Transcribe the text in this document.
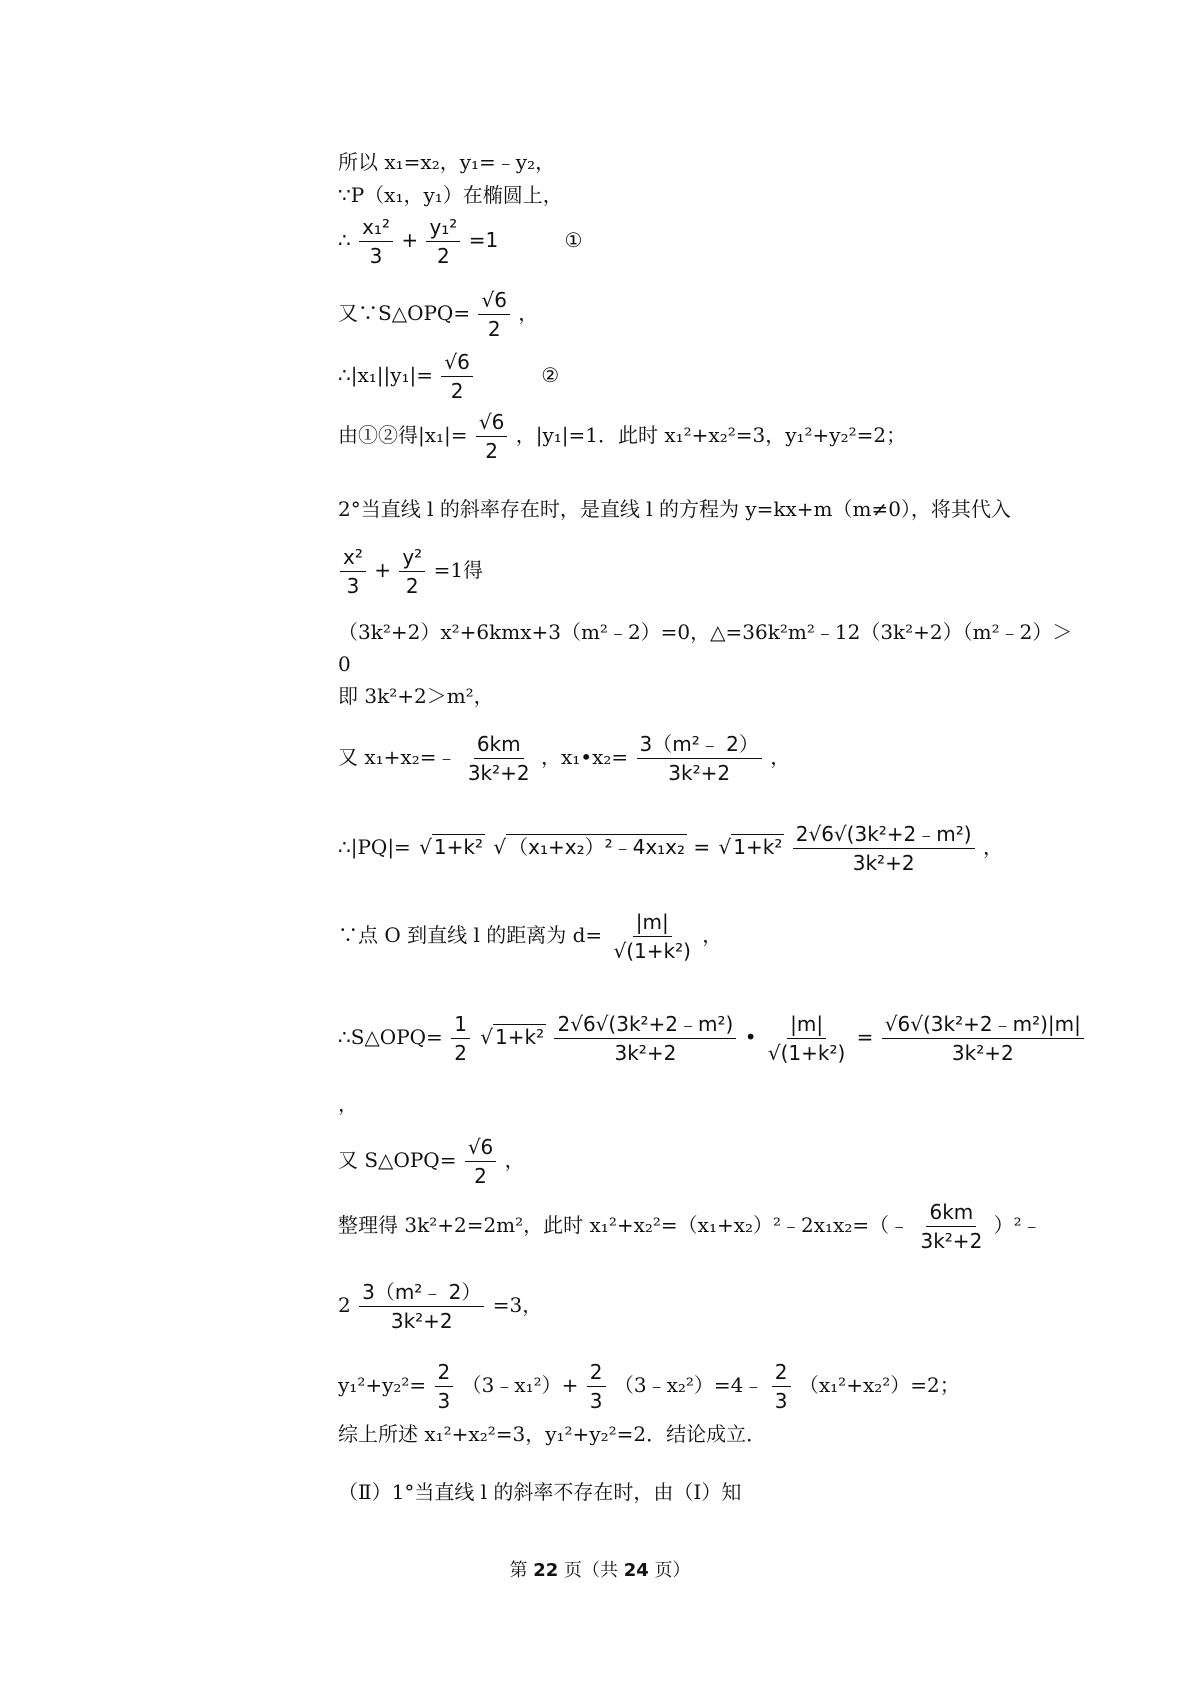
所以 x₁=x₂，y₁=﹣y₂，
∵P（x₁，y₁）在椭圆上，
∴ $\frac{\text{x₁²}}{3} + \frac{\text{y₁²}}{2} =1$	①
又∵S△OPQ= $\frac{√6}{2}$ ，
∴|x₁||y₁|= $\frac{√6}{2}$	②
由①②得$|x_1|= \frac{√6}{2}$ ，|y₁|=1．此时 x₁²+x₂²=3，y₁²+y₂²=2；
2°当直线 l 的斜率存在时，是直线 l 的方程为 y=kx+m（m≠0），将其代入
$\frac{\text{x²}}{3} + \frac{\text{y²}}{2} =1$得
（3k²+2）x²+6kmx+3（m²﹣2）=0，△=36k²m²﹣12（3k²+2）（m²﹣2）＞
0
即 3k²+2＞m²，
又 x₁+x₂=﹣ $\frac{6km}{\text{3k²+2}}$ ，x₁•x₂= $\frac{\text{3（m²﹣ 2）}}{\text{3k²+2}}$ ，
∴|PQ|= √ 1+k² √ （x₁+x₂）²﹣4x₁x₂ = √ $1+k^2 \frac{\text{2√6√(3k²+2﹣m²)}}{\text{3k²+2}}$ ，
∵点 O 到直线 l 的距离为 $d= \frac{|m|}{\text{√(1+k²)}}$ ，
∴S△OPQ= $\frac{1}{2}$ √ $1+k^2 \frac{\text{2√6√(3k²+2﹣m²)}}{\text{3k²+2}}$ • $\frac{|m|}{\text{√(1+k²)}} = \frac{\text{√6√(3k²+2﹣m²)|m|}}{\text{3k²+2}}$
，
又 S△OPQ= $\frac{√6}{2}$ ，
整理得 3k²+2=2m²，此时 x₁²+x₂²=（x₁+x₂）²﹣2x₁x₂=（﹣ $\frac{6km}{\text{3k²+2}}$ ）²﹣
$2 \frac{\text{3（m²﹣ 2）}}{\text{3k²+2}} =3$，
$y_1^2+y_2^2= \frac{2}{3}$ （3﹣x₁²）+ $\frac{2}{3}$ （3﹣x₂²）=4﹣ $\frac{2}{3} (x_1^2+x_2^2)=2$；
综上所述 x₁²+x₂²=3，y₁²+y₂²=2．结论成立．
（Ⅱ）1°当直线 l 的斜率不存在时，由（Ⅰ）知
第 22 页（共 24 页）
